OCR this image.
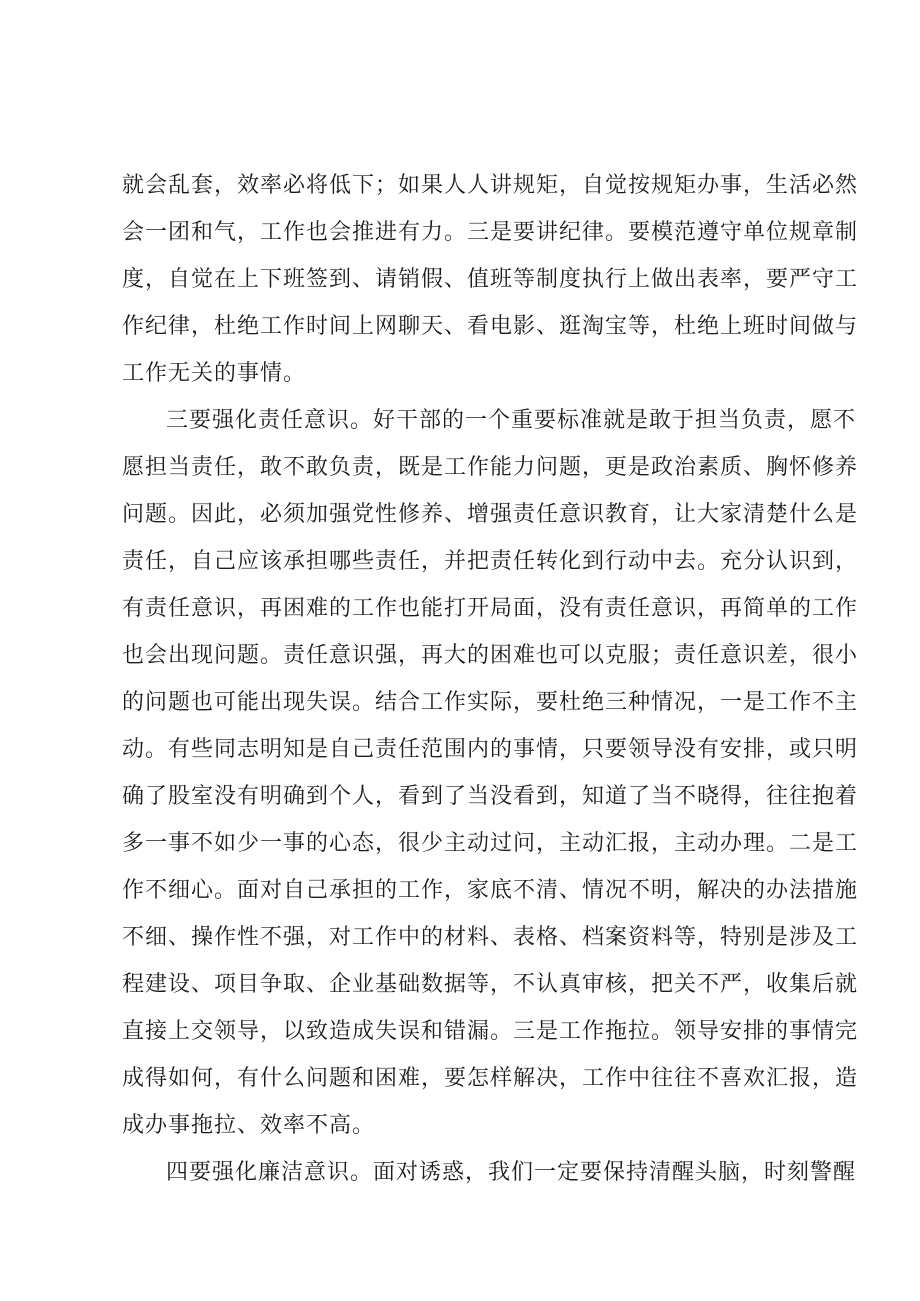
就会乱套，效率必将低下；如果人人讲规矩，自觉按规矩办事，生活必然
会一团和气，工作也会推进有力。三是要讲纪律。要模范遵守单位规章制
度，自觉在上下班签到、请销假、值班等制度执行上做出表率，要严守工
作纪律，杜绝工作时间上网聊天、看电影、逛淘宝等，杜绝上班时间做与
工作无关的事情。

三要强化责任意识。好干部的一个重要标准就是敢于担当负责，愿不
愿担当责任，敢不敢负责，既是工作能力问题，更是政治素质、胸怀修养
问题。因此，必须加强党性修养、增强责任意识教育，让大家清楚什么是
责任，自己应该承担哪些责任，并把责任转化到行动中去。充分认识到，
有责任意识，再困难的工作也能打开局面，没有责任意识，再简单的工作
也会出现问题。责任意识强，再大的困难也可以克服；责任意识差，很小
的问题也可能出现失误。结合工作实际，要杜绝三种情况，一是工作不主
动。有些同志明知是自己责任范围内的事情，只要领导没有安排，或只明
确了股室没有明确到个人，看到了当没看到，知道了当不晓得，往往抱着
多一事不如少一事的心态，很少主动过问，主动汇报，主动办理。二是工
作不细心。面对自己承担的工作，家底不清、情况不明，解决的办法措施
不细、操作性不强，对工作中的材料、表格、档案资料等，特别是涉及工
程建设、项目争取、企业基础数据等，不认真审核，把关不严，收集后就
直接上交领导，以致造成失误和错漏。三是工作拖拉。领导安排的事情完
成得如何，有什么问题和困难，要怎样解决，工作中往往不喜欢汇报，造
成办事拖拉、效率不高。

四要强化廉洁意识。面对诱惑，我们一定要保持清醒头脑，时刻警醒
